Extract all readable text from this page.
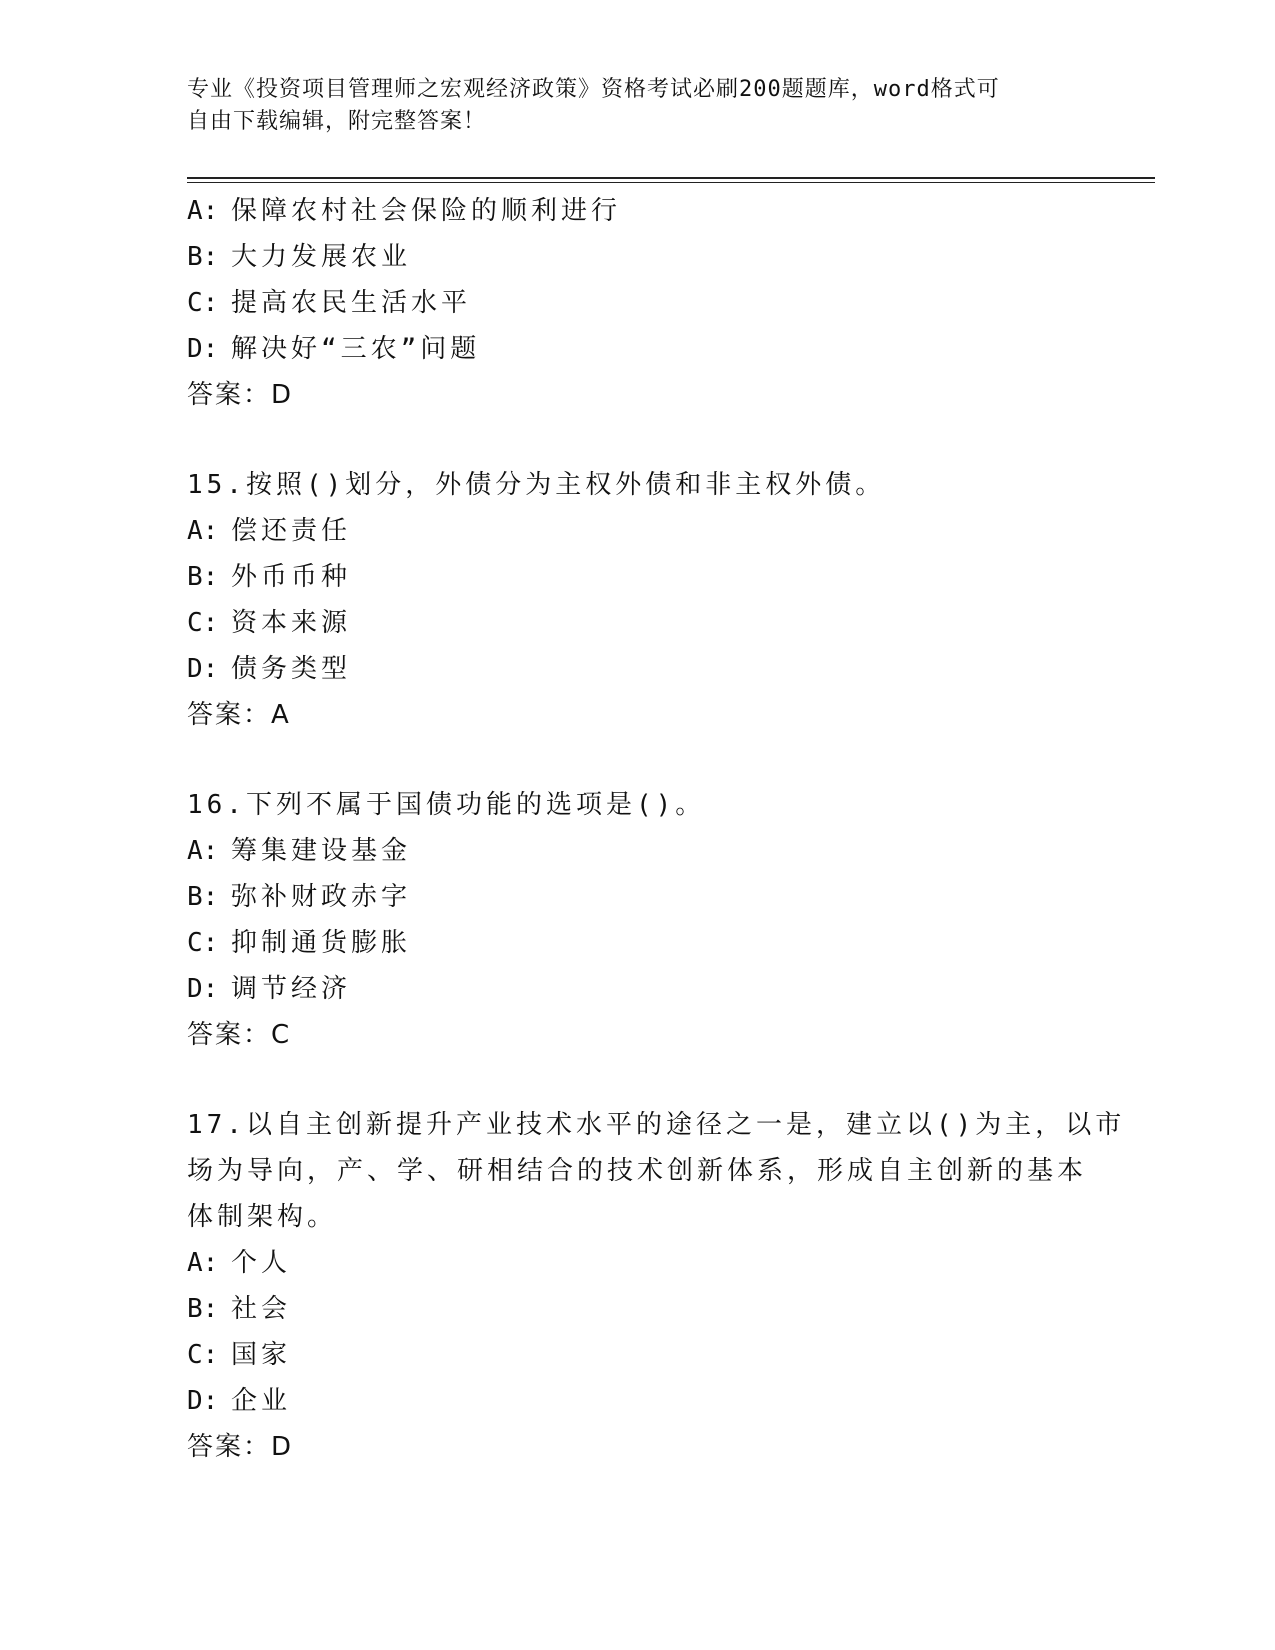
专业《投资项目管理师之宏观经济政策》资格考试必刷200题题库，word格式可
自由下载编辑，附完整答案！
A: 保障农村社会保险的顺利进行
B: 大力发展农业
C: 提高农民生活水平
D: 解决好“三农”问题
答案：D
15.按照()划分，外债分为主权外债和非主权外债。
A: 偿还责任
B: 外币币种
C: 资本来源
D: 债务类型
答案：A
16.下列不属于国债功能的选项是()。
A: 筹集建设基金
B: 弥补财政赤字
C: 抑制通货膨胀
D: 调节经济
答案：C
17.以自主创新提升产业技术水平的途径之一是，建立以()为主，以市
场为导向，产、学、研相结合的技术创新体系，形成自主创新的基本
体制架构。
A: 个人
B: 社会
C: 国家
D: 企业
答案：D
